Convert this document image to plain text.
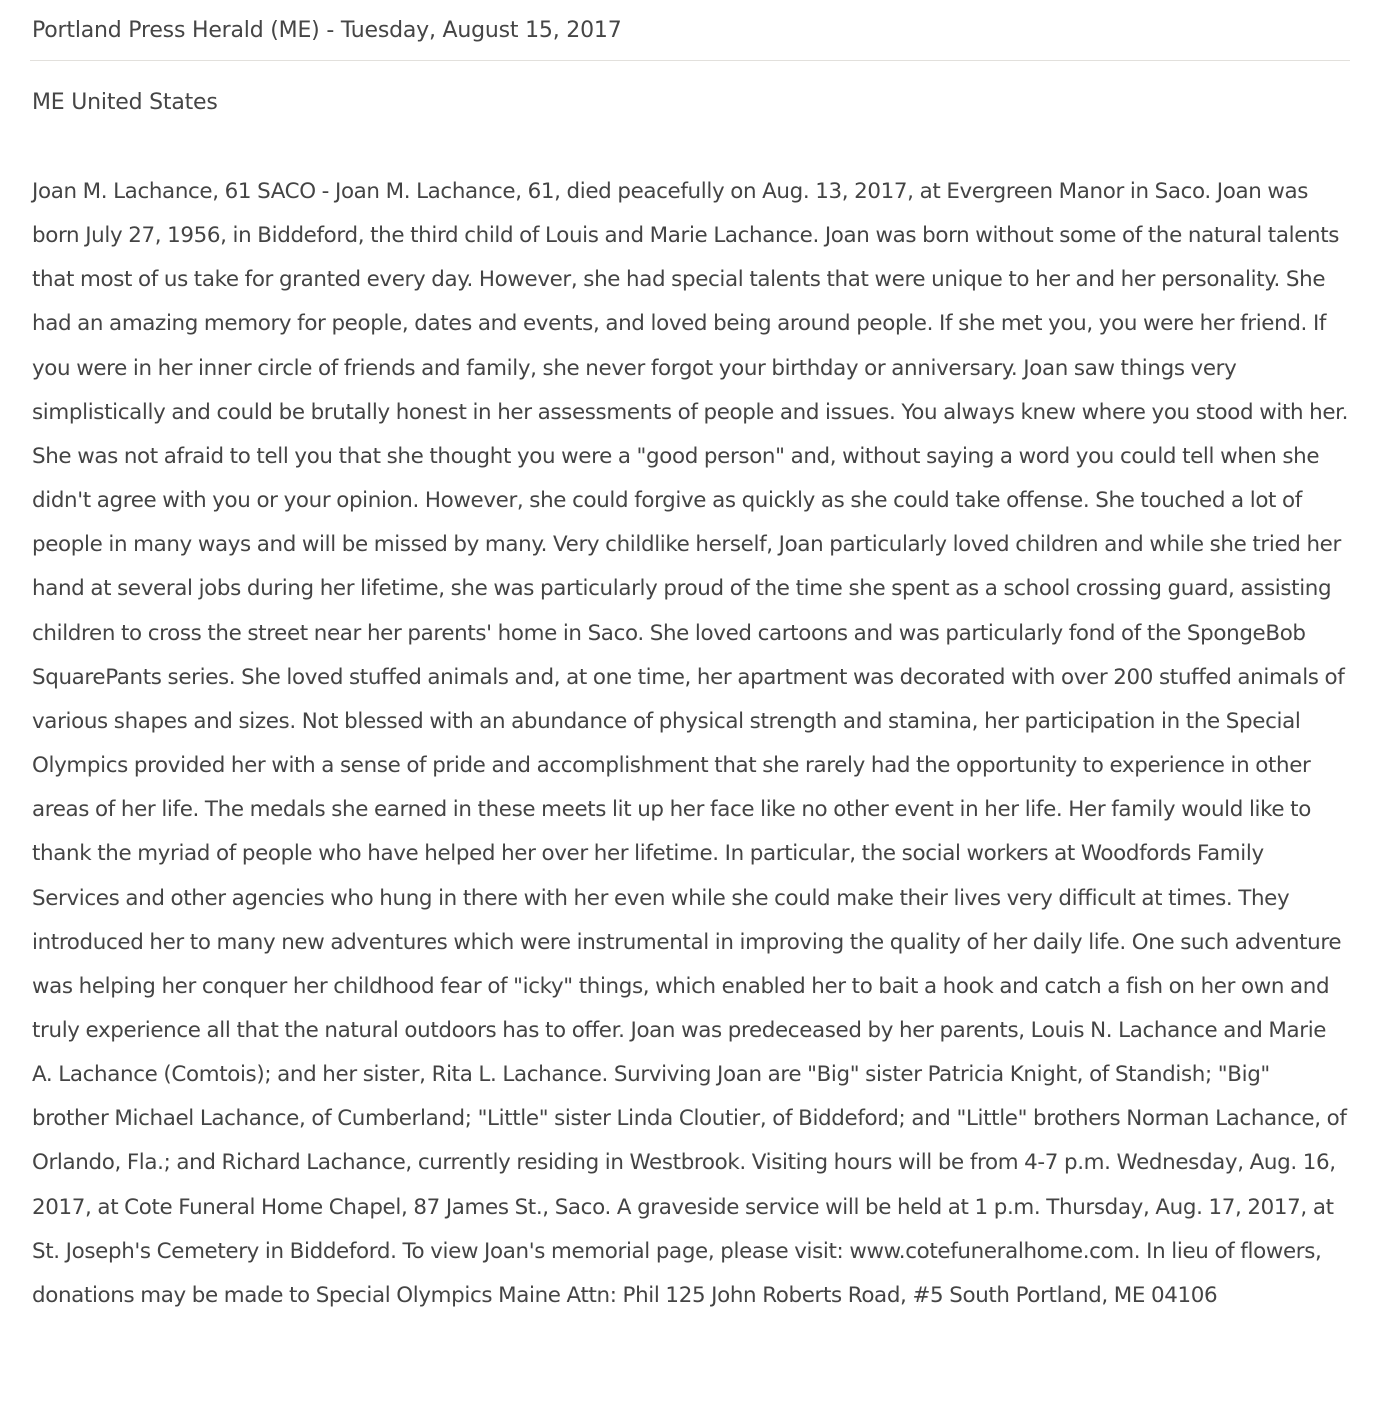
Portland Press Herald (ME) - Tuesday, August 15, 2017
ME United States
Joan M. Lachance, 61 SACO - Joan M. Lachance, 61, died peacefully on Aug. 13, 2017, at Evergreen Manor in Saco. Joan was born July 27, 1956, in Biddeford, the third child of Louis and Marie Lachance. Joan was born without some of the natural talents that most of us take for granted every day. However, she had special talents that were unique to her and her personality. She had an amazing memory for people, dates and events, and loved being around people. If she met you, you were her friend. If you were in her inner circle of friends and family, she never forgot your birthday or anniversary. Joan saw things very simplistically and could be brutally honest in her assessments of people and issues. You always knew where you stood with her. She was not afraid to tell you that she thought you were a "good person" and, without saying a word you could tell when she didn't agree with you or your opinion. However, she could forgive as quickly as she could take offense. She touched a lot of people in many ways and will be missed by many. Very childlike herself, Joan particularly loved children and while she tried her hand at several jobs during her lifetime, she was particularly proud of the time she spent as a school crossing guard, assisting children to cross the street near her parents' home in Saco. She loved cartoons and was particularly fond of the SpongeBob SquarePants series. She loved stuffed animals and, at one time, her apartment was decorated with over 200 stuffed animals of various shapes and sizes. Not blessed with an abundance of physical strength and stamina, her participation in the Special Olympics provided her with a sense of pride and accomplishment that she rarely had the opportunity to experience in other areas of her life. The medals she earned in these meets lit up her face like no other event in her life. Her family would like to thank the myriad of people who have helped her over her lifetime. In particular, the social workers at Woodfords Family Services and other agencies who hung in there with her even while she could make their lives very difficult at times. They introduced her to many new adventures which were instrumental in improving the quality of her daily life. One such adventure was helping her conquer her childhood fear of "icky" things, which enabled her to bait a hook and catch a fish on her own and truly experience all that the natural outdoors has to offer. Joan was predeceased by her parents, Louis N. Lachance and Marie A. Lachance (Comtois); and her sister, Rita L. Lachance. Surviving Joan are "Big" sister Patricia Knight, of Standish; "Big" brother Michael Lachance, of Cumberland; "Little" sister Linda Cloutier, of Biddeford; and "Little" brothers Norman Lachance, of Orlando, Fla.; and Richard Lachance, currently residing in Westbrook. Visiting hours will be from 4-7 p.m. Wednesday, Aug. 16, 2017, at Cote Funeral Home Chapel, 87 James St., Saco. A graveside service will be held at 1 p.m. Thursday, Aug. 17, 2017, at St. Joseph's Cemetery in Biddeford. To view Joan's memorial page, please visit: www.cotefuneralhome.com. In lieu of flowers, donations may be made to Special Olympics Maine Attn: Phil 125 John Roberts Road, #5 South Portland, ME 04106
